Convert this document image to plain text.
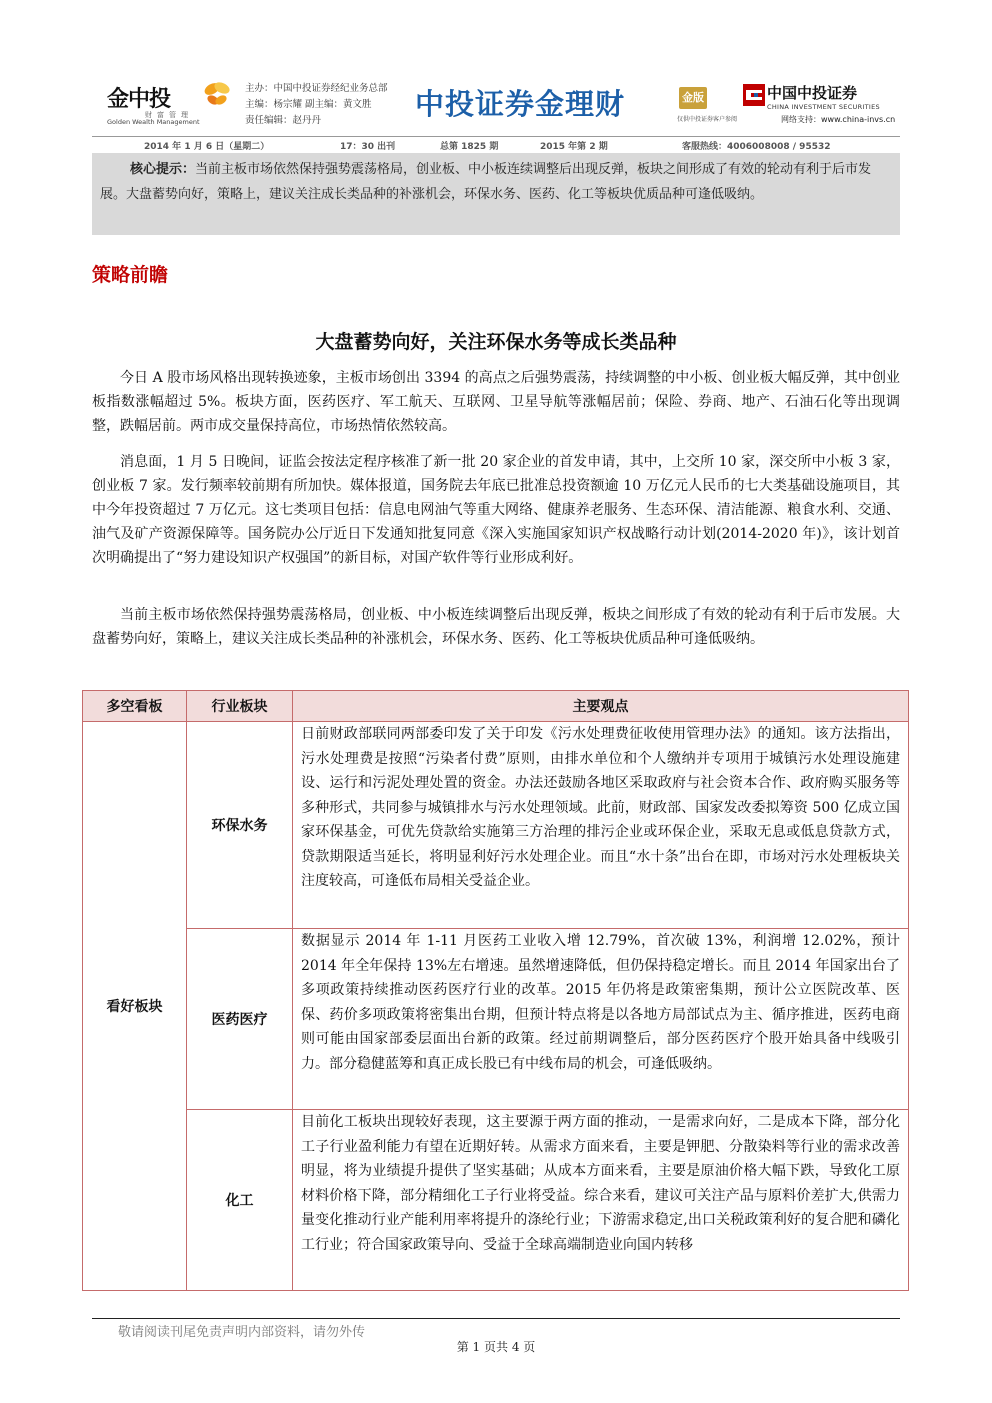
金中投
财富管理
Golden Wealth Management
主办：中国中投证券经纪业务总部
主编：杨宗耀 副主编：黄文胜
责任编辑：赵丹丹	中投证券金理财	金版
仅供中投证券客户参阅
中国中投证券
CHINA INVESTMENT SECURITIES
网络支持：www.china-invs.cn
2014 年 1 月 6 日（星期二）	17：30 出刊	总第 1825 期	2015 年第 2 期	客服热线：4006008008 / 95532
核心提示：当前主板市场依然保持强势震荡格局，创业板、中小板连续调整后出现反弹，板块之间形成了有效的轮动有利于后市发展。大盘蓄势向好，策略上，建议关注成长类品种的补涨机会，环保水务、医药、化工等板块优质品种可逢低吸纳。
策略前瞻
大盘蓄势向好，关注环保水务等成长类品种
今日 A 股市场风格出现转换迹象，主板市场创出 3394 的高点之后强势震荡，持续调整的中小板、创业板大幅反弹，其中创业板指数涨幅超过 5%。板块方面，医药医疗、军工航天、互联网、卫星导航等涨幅居前；保险、券商、地产、石油石化等出现调整，跌幅居前。两市成交量保持高位，市场热情依然较高。
消息面，1 月 5 日晚间，证监会按法定程序核准了新一批 20 家企业的首发申请，其中，上交所 10 家，深交所中小板 3 家，创业板 7 家。发行频率较前期有所加快。媒体报道，国务院去年底已批准总投资额逾 10 万亿元人民币的七大类基础设施项目，其中今年投资超过 7 万亿元。这七类项目包括：信息电网油气等重大网络、健康养老服务、生态环保、清洁能源、粮食水利、交通、油气及矿产资源保障等。国务院办公厅近日下发通知批复同意《深入实施国家知识产权战略行动计划(2014-2020 年)》，该计划首次明确提出了“努力建设知识产权强国”的新目标，对国产软件等行业形成利好。
当前主板市场依然保持强势震荡格局，创业板、中小板连续调整后出现反弹，板块之间形成了有效的轮动有利于后市发展。大盘蓄势向好，策略上，建议关注成长类品种的补涨机会，环保水务、医药、化工等板块优质品种可逢低吸纳。
多空看板	行业板块	主要观点
看好板块	环保水务	日前财政部联同两部委印发了关于印发《污水处理费征收使用管理办法》的通知。该方法指出，污水处理费是按照“污染者付费”原则，由排水单位和个人缴纳并专项用于城镇污水处理设施建设、运行和污泥处理处置的资金。办法还鼓励各地区采取政府与社会资本合作、政府购买服务等多种形式，共同参与城镇排水与污水处理领域。此前，财政部、国家发改委拟筹资 500 亿成立国家环保基金，可优先贷款给实施第三方治理的排污企业或环保企业，采取无息或低息贷款方式，贷款期限适当延长，将明显利好污水处理企业。而且“水十条”出台在即，市场对污水处理板块关注度较高，可逢低布局相关受益企业。
	医药医疗	数据显示 2014 年 1-11 月医药工业收入增 12.79%，首次破 13%，利润增 12.02%，预计 2014 年全年保持 13%左右增速。虽然增速降低，但仍保持稳定增长。而且 2014 年国家出台了多项政策持续推动医药医疗行业的改革。2015 年仍将是政策密集期，预计公立医院改革、医保、药价多项政策将密集出台期，但预计特点将是以各地方局部试点为主、循序推进，医药电商则可能由国家部委层面出台新的政策。经过前期调整后，部分医药医疗个股开始具备中线吸引力。部分稳健蓝筹和真正成长股已有中线布局的机会，可逢低吸纳。
	化工	目前化工板块出现较好表现，这主要源于两方面的推动，一是需求向好，二是成本下降，部分化工子行业盈利能力有望在近期好转。从需求方面来看，主要是钾肥、分散染料等行业的需求改善明显，将为业绩提升提供了坚实基础；从成本方面来看，主要是原油价格大幅下跌，导致化工原材料价格下降，部分精细化工子行业将受益。综合来看，建议可关注产品与原料价差扩大,供需力量变化推动行业产能利用率将提升的涤纶行业；下游需求稳定,出口关税政策利好的复合肥和磷化工行业；符合国家政策导向、受益于全球高端制造业向国内转移
敬请阅读刊尾免责声明内部资料，请勿外传
第 1 页共 4 页
